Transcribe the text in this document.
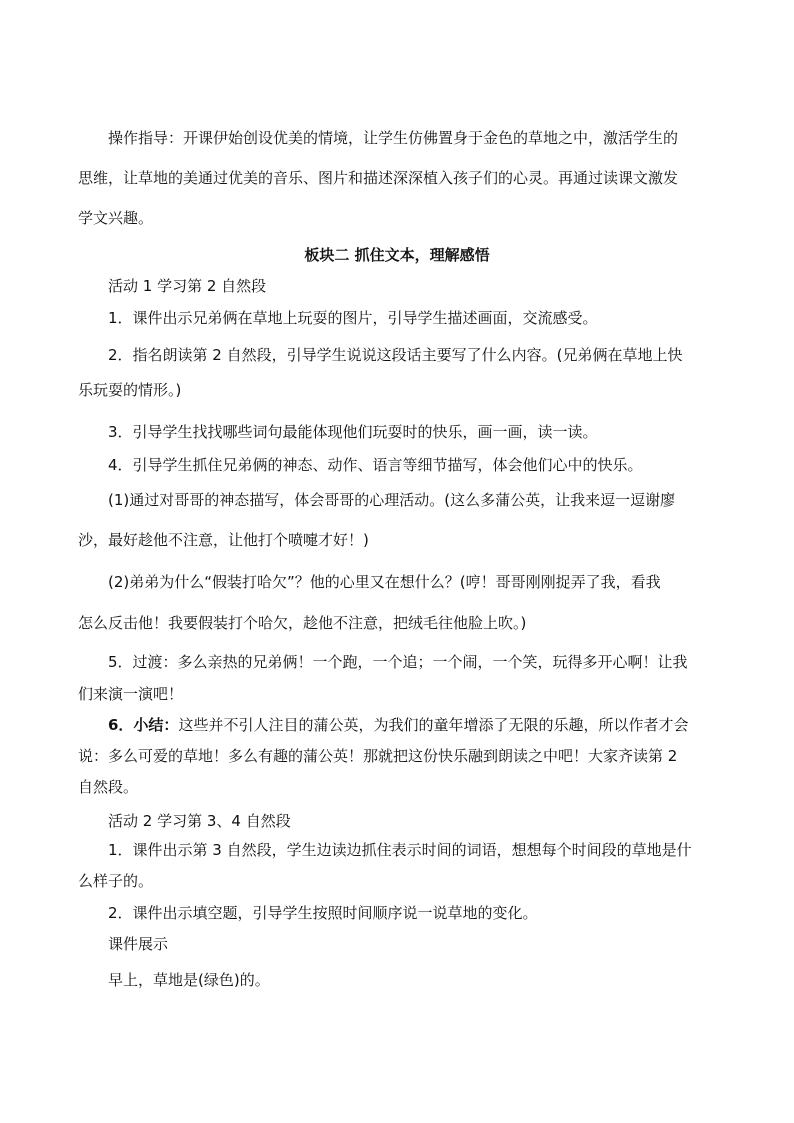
操作指导：开课伊始创设优美的情境，让学生仿佛置身于金色的草地之中，激活学生的
思维，让草地的美通过优美的音乐、图片和描述深深植入孩子们的心灵。再通过读课文激发
学文兴趣。
板块二 抓住文本，理解感悟
活动 1 学习第 2 自然段
1．课件出示兄弟俩在草地上玩耍的图片，引导学生描述画面，交流感受。
2．指名朗读第 2 自然段，引导学生说说这段话主要写了什么内容。(兄弟俩在草地上快
乐玩耍的情形。)
3．引导学生找找哪些词句最能体现他们玩耍时的快乐，画一画，读一读。
4．引导学生抓住兄弟俩的神态、动作、语言等细节描写，体会他们心中的快乐。
(1)通过对哥哥的神态描写，体会哥哥的心理活动。(这么多蒲公英，让我来逗一逗谢廖
沙，最好趁他不注意，让他打个喷嚏才好！)
(2)弟弟为什么“假装打哈欠”？他的心里又在想什么？(哼！哥哥刚刚捉弄了我，看我
怎么反击他！我要假装打个哈欠，趁他不注意，把绒毛往他脸上吹。)
5．过渡：多么亲热的兄弟俩！一个跑，一个追；一个闹，一个笑，玩得多开心啊！让我
们来演一演吧！
6．小结：这些并不引人注目的蒲公英，为我们的童年增添了无限的乐趣，所以作者才会
说：多么可爱的草地！多么有趣的蒲公英！那就把这份快乐融到朗读之中吧！大家齐读第 2
自然段。
活动 2 学习第 3、4 自然段
1．课件出示第 3 自然段，学生边读边抓住表示时间的词语，想想每个时间段的草地是什
么样子的。
2．课件出示填空题，引导学生按照时间顺序说一说草地的变化。
课件展示
早上，草地是(绿色)的。
